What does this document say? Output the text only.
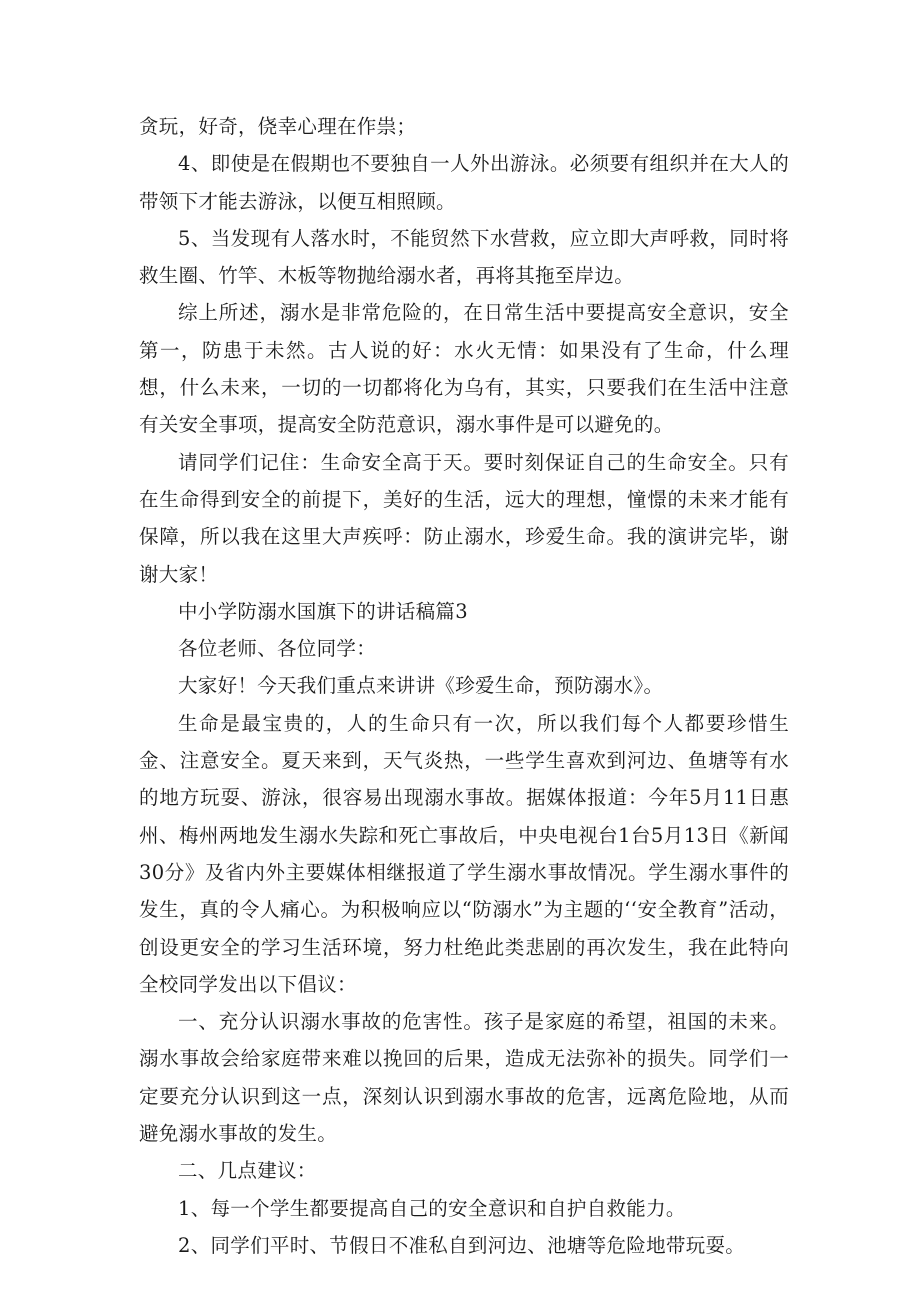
贪玩，好奇，侥幸心理在作祟；

4、即使是在假期也不要独自一人外出游泳。必须要有组织并在大人的带领下才能去游泳，以便互相照顾。

5、当发现有人落水时，不能贸然下水营救，应立即大声呼救，同时将救生圈、竹竿、木板等物抛给溺水者，再将其拖至岸边。

综上所述，溺水是非常危险的，在日常生活中要提高安全意识，安全第一，防患于未然。古人说的好：水火无情：如果没有了生命，什么理想，什么未来，一切的一切都将化为乌有，其实，只要我们在生活中注意有关安全事项，提高安全防范意识，溺水事件是可以避免的。

请同学们记住：生命安全高于天。要时刻保证自己的生命安全。只有在生命得到安全的前提下，美好的生活，远大的理想，憧憬的未来才能有保障，所以我在这里大声疾呼：防止溺水，珍爱生命。我的演讲完毕，谢谢大家！

中小学防溺水国旗下的讲话稿篇3

各位老师、各位同学：

大家好！今天我们重点来讲讲《珍爱生命，预防溺水》。

生命是最宝贵的，人的生命只有一次，所以我们每个人都要珍惜生金、注意安全。夏天来到，天气炎热，一些学生喜欢到河边、鱼塘等有水的地方玩耍、游泳，很容易出现溺水事故。据媒体报道：今年5月11日惠州、梅州两地发生溺水失踪和死亡事故后，中央电视台1台5月13日《新闻30分》及省内外主要媒体相继报道了学生溺水事故情况。学生溺水事件的发生，真的令人痛心。为积极响应以“防溺水”为主题的‘‘安全教育”活动，创设更安全的学习生活环境，努力杜绝此类悲剧的再次发生，我在此特向全校同学发出以下倡议：

一、充分认识溺水事故的危害性。孩子是家庭的希望，祖国的未来。溺水事故会给家庭带来难以挽回的后果，造成无法弥补的损失。同学们一定要充分认识到这一点，深刻认识到溺水事故的危害，远离危险地，从而避免溺水事故的发生。

二、几点建议：

1、每一个学生都要提高自己的安全意识和自护自救能力。

2、同学们平时、节假日不准私自到河边、池塘等危险地带玩耍。
